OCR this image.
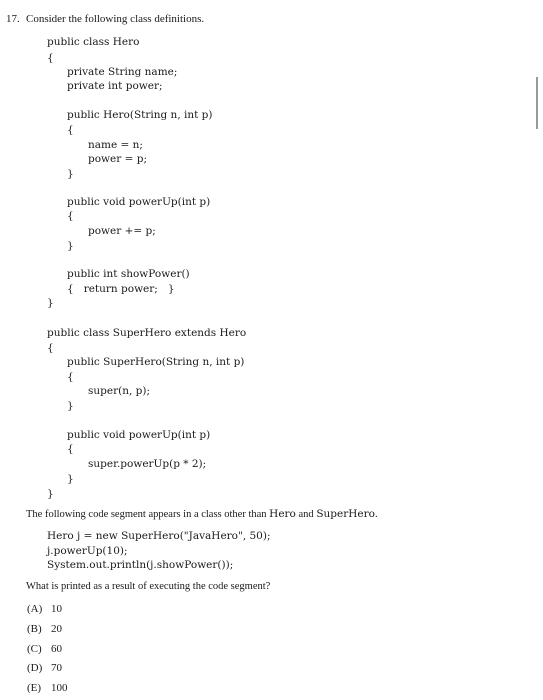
17. Consider the following class definitions.
public class Hero
{
private String name;
private int power;
public Hero(String n, int p)
{
name = n;
power = p;
}
public void powerUp(int p)
{
power += p;
}
public int showPower()
{   return power;   }
}
public class SuperHero extends Hero
{
public SuperHero(String n, int p)
{
super(n, p);
}
public void powerUp(int p)
{
super.powerUp(p * 2);
}
}
The following code segment appears in a class other than Hero and SuperHero.
Hero j = new SuperHero("JavaHero", 50);
j.powerUp(10);
System.out.println(j.showPower());
What is printed as a result of executing the code segment?
(A) 10
(B) 20
(C) 60
(D) 70
(E) 100
